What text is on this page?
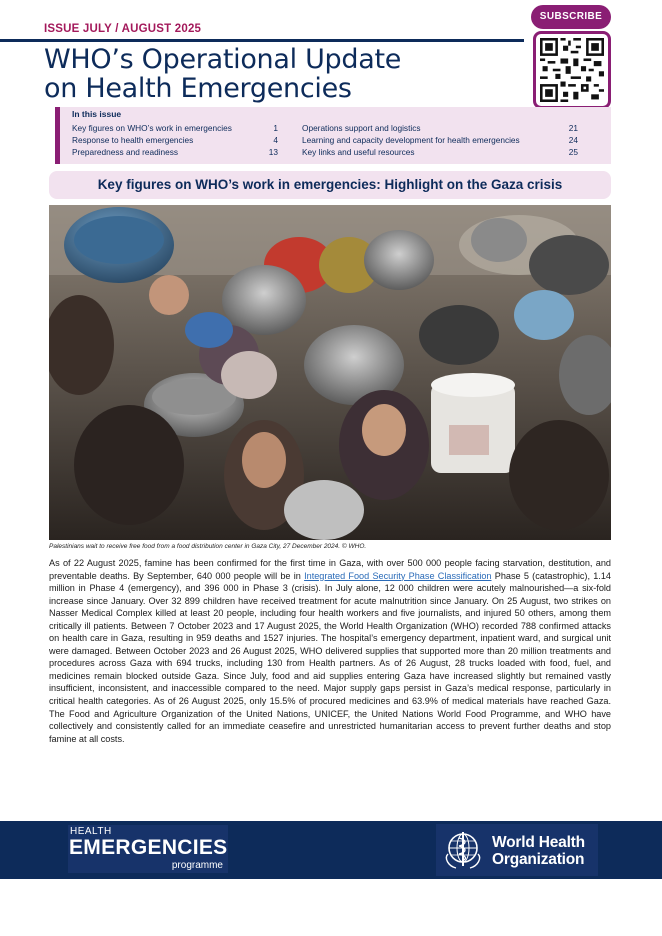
ISSUE JULY / AUGUST 2025
WHO’s Operational Update
on Health Emergencies
SUBSCRIBE
In this issue
Key figures on WHO’s work in emergencies	1
Response to health emergencies	4
Preparedness and readiness	13
Operations support and logistics	21
Learning and capacity development for health emergencies	24
Key links and useful resources	25
Key figures on WHO’s work in emergencies: Highlight on the Gaza crisis
Palestinians wait to receive free food from a food distribution center in Gaza City, 27 December 2024. © WHO.
As of 22 August 2025, famine has been confirmed for the first time in Gaza, with over 500 000 people facing starvation, destitution, and preventable deaths. By September, 640 000 people will be in Integrated Food Security Phase Classification Phase 5 (catastrophic), 1.14 million in Phase 4 (emergency), and 396 000 in Phase 3 (crisis). In July alone, 12 000 children were acutely malnourished—a six-fold increase since January. Over 32 899 children have received treatment for acute malnutrition since January. On 25 August, two strikes on Nasser Medical Complex killed at least 20 people, including four health workers and five journalists, and injured 50 others, among them critically ill patients. Between 7 October 2023 and 17 August 2025, the World Health Organization (WHO) recorded 788 confirmed attacks on health care in Gaza, resulting in 959 deaths and 1527 injuries. The hospital’s emergency department, inpatient ward, and surgical unit were damaged. Between October 2023 and 26 August 2025, WHO delivered supplies that supported more than 20 million treatments and procedures across Gaza with 694 trucks, including 130 from Health partners. As of 26 August, 28 trucks loaded with food, fuel, and medicines remain blocked outside Gaza. Since July, food and aid supplies entering Gaza have increased slightly but remained vastly insufficient, inconsistent, and inaccessible compared to the need. Major supply gaps persist in Gaza’s medical response, particularly in critical health categories. As of 26 August 2025, only 15.5% of procured medicines and 63.9% of medical materials have reached Gaza. The Food and Agriculture Organization of the United Nations, UNICEF, the United Nations World Food Programme, and WHO have collectively and consistently called for an immediate ceasefire and unrestricted humanitarian access to prevent further deaths and stop famine at all costs.
HEALTH
EMERGENCIES
programme
World Health
Organization
